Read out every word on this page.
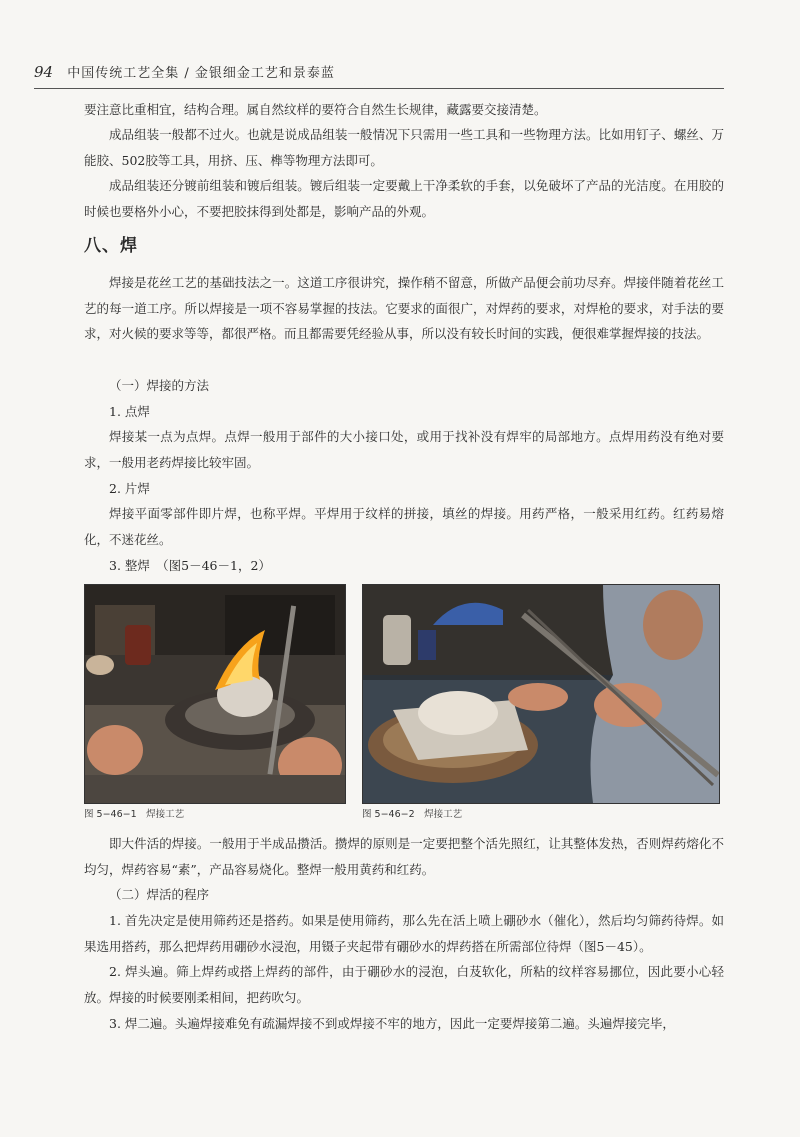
94 中国传统工艺全集 / 金银细金工艺和景泰蓝

要注意比重相宜，结构合理。属自然纹样的要符合自然生长规律，藏露要交接清楚。

成品组装一般都不过火。也就是说成品组装一般情况下只需用一些工具和一些物理方法。比如用钉子、螺丝、万能胶、502胶等工具，用挤、压、榫等物理方法即可。

成品组装还分镀前组装和镀后组装。镀后组装一定要戴上干净柔软的手套，以免破坏了产品的光洁度。在用胶的时候也要格外小心，不要把胶抹得到处都是，影响产品的外观。

八、焊

焊接是花丝工艺的基础技法之一。这道工序很讲究，操作稍不留意，所做产品便会前功尽弃。焊接伴随着花丝工艺的每一道工序。所以焊接是一项不容易掌握的技法。它要求的面很广，对焊药的要求，对焊枪的要求，对手法的要求，对火候的要求等等，都很严格。而且都需要凭经验从事，所以没有较长时间的实践，便很难掌握焊接的技法。

（一）焊接的方法

1. 点焊

焊接某一点为点焊。点焊一般用于部件的大小接口处，或用于找补没有焊牢的局部地方。点焊用药没有绝对要求，一般用老药焊接比较牢固。

2. 片焊

焊接平面零部件即片焊，也称平焊。平焊用于纹样的拼接，填丝的焊接。用药严格，一般采用红药。红药易熔化，不迷花丝。

3. 整焊　（图5－46－1，2）

图 5−46−1　焊接工艺	图 5−46−2　焊接工艺

即大件活的焊接。一般用于半成品攒活。攒焊的原则是一定要把整个活先照红，让其整体发热，否则焊药熔化不均匀，焊药容易“素”，产品容易烧化。整焊一般用黄药和红药。

（二）焊活的程序

1. 首先决定是使用筛药还是搭药。如果是使用筛药，那么先在活上喷上硼砂水（催化），然后均匀筛药待焊。如果选用搭药，那么把焊药用硼砂水浸泡，用镊子夹起带有硼砂水的焊药搭在所需部位待焊（图5－45）。

2. 焊头遍。筛上焊药或搭上焊药的部件，由于硼砂水的浸泡，白芨软化，所粘的纹样容易挪位，因此要小心轻放。焊接的时候要刚柔相间，把药吹匀。

3. 焊二遍。头遍焊接难免有疏漏焊接不到或焊接不牢的地方，因此一定要焊接第二遍。头遍焊接完毕，
